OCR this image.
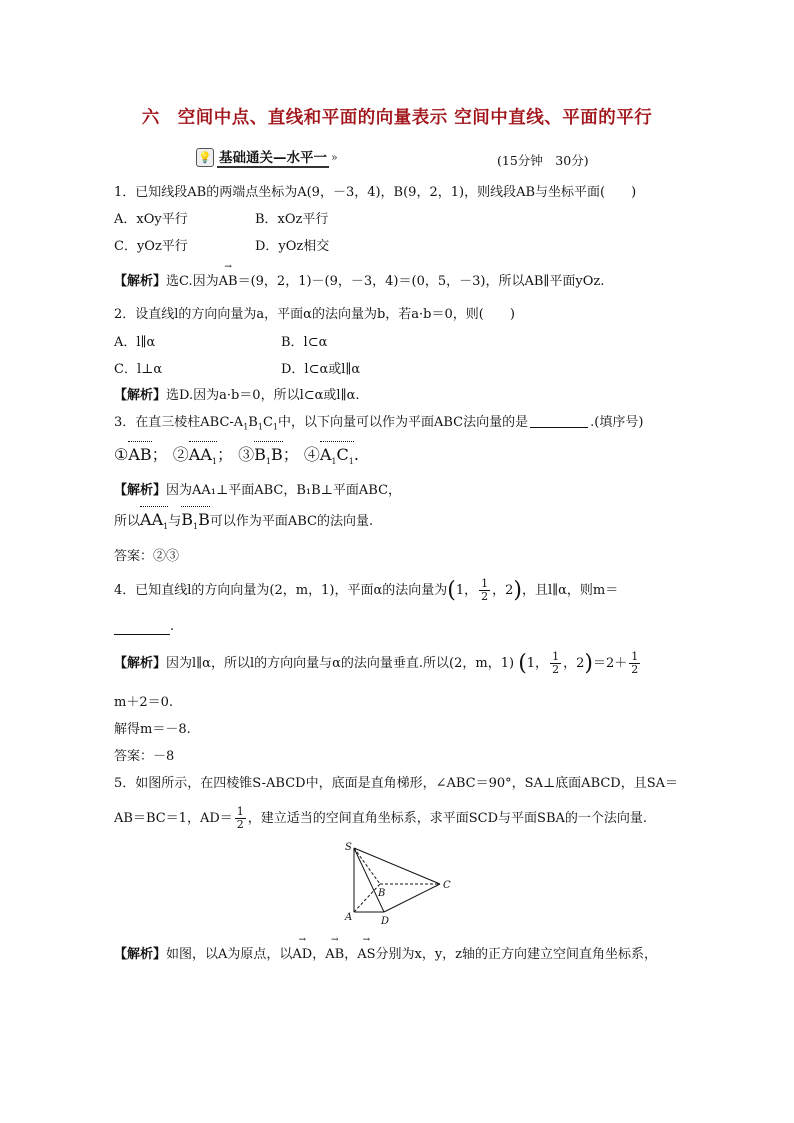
六　空间中点、直线和平面的向量表示 空间中直线、平面的平行
💡 基础通关—水平一 »	(15分钟　30分)
1．已知线段AB的两端点坐标为A(9，－3，4)，B(9，2，1)，则线段AB与坐标平面(　　)
A．xOy平行	B．xOz平行
C．yOz平行	D．yOz相交
【解析】选C.因为AB →＝(9，2，1)－(9，－3，4)＝(0，5，－3)，所以AB∥平面yOz.
2．设直线l的方向向量为a，平面α的法向量为b，若a·b＝0，则(　　)
A．l∥α	B．l⊂α
C．l⊥α	D．l⊂α或l∥α
【解析】选D.因为a·b＝0，所以l⊂α或l∥α.
3．在直三棱柱ABC-$A_1B_1C_1$中，以下向量可以作为平面ABC法向量的是	.(填序号)
①AB； $②AA_1$； $③B_1B$； $④A_1C_1$.
【解析】因为AA₁⊥平面ABC，B₁B⊥平面ABC，
所以$AA_1$与$B_1B$可以作为平面ABC的法向量.
答案：②③
4．已知直线l的方向向量为(2，m，1)，平面α的法向量为(1， $\frac{1}{2}$ ，2)，且l∥α，则m＝
.
【解析】因为l∥α，所以l的方向向量与α的法向量垂直.所以(2，m，1) (1， $\frac{1}{2}$ ，$2)=2+ \frac{1}{2}$
m＋2＝0.
解得m＝－8.
答案：－8
5．如图所示，在四棱锥S-ABCD中，底面是直角梯形，∠ABC＝90°，SA⊥底面ABCD，且SA＝
AB＝BC＝1，$AD= \frac{1}{2}$ ，建立适当的空间直角坐标系，求平面SCD与平面SBA的一个法向量.
S
A
B
C
D
【解析】如图，以A为原点，以AD →，AB →，AS →分别为x，y，z轴的正方向建立空间直角坐标系，
